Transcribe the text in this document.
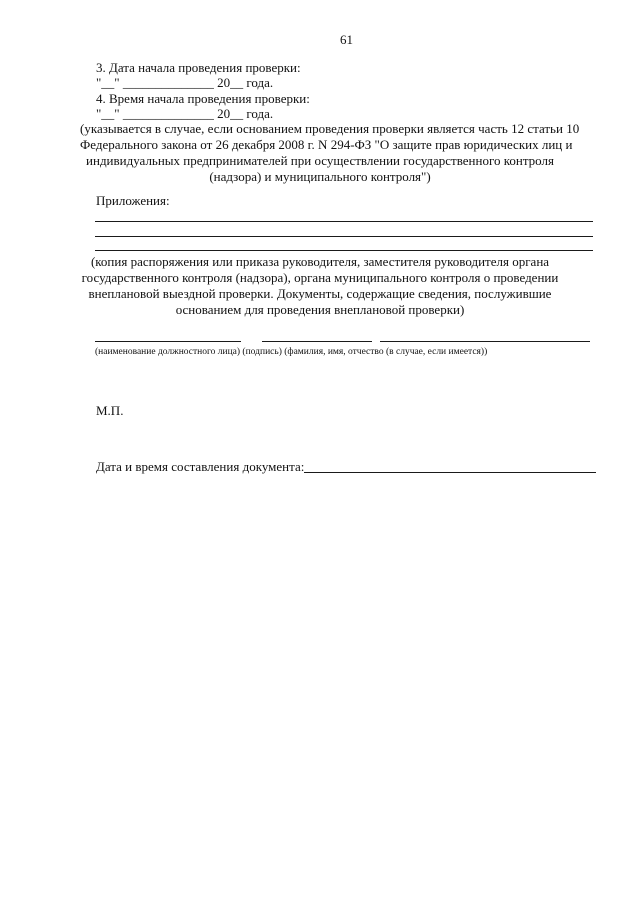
61
3. Дата начала проведения проверки:
"__" ______________ 20__ года.
4. Время начала проведения проверки:
"__" ______________ 20__ года.
(указывается в случае, если основанием проведения проверки является часть 12 статьи 10
Федерального закона от 26 декабря 2008 г. N 294-ФЗ "О защите прав юридических лиц и
индивидуальных предпринимателей при осуществлении государственного контроля
(надзора) и муниципального контроля")
Приложения:
(копия распоряжения или приказа руководителя, заместителя руководителя органа
государственного контроля (надзора), органа муниципального контроля о проведении
внеплановой выездной проверки. Документы, содержащие сведения, послужившие
основанием для проведения внеплановой проверки)
(наименование должностного лица) (подпись) (фамилия, имя, отчество (в случае, если имеется))
М.П.
Дата и время составления документа:
